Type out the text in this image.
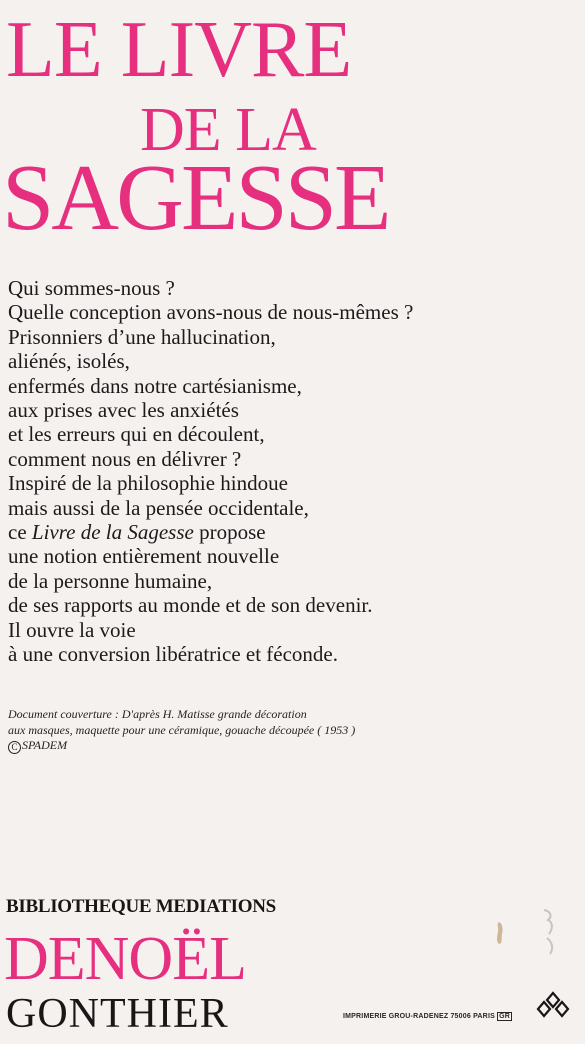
LE LIVRE
DE LA
SAGESSE
Qui sommes-nous ?
Quelle conception avons-nous de nous-mêmes ?
Prisonniers d’une hallucination,
aliénés, isolés,
enfermés dans notre cartésianisme,
aux prises avec les anxiétés
et les erreurs qui en découlent,
comment nous en délivrer ?
Inspiré de la philosophie hindoue
mais aussi de la pensée occidentale,
ce Livre de la Sagesse propose
une notion entièrement nouvelle
de la personne humaine,
de ses rapports au monde et de son devenir.
Il ouvre la voie
à une conversion libératrice et féconde.
Document couverture : D'après H. Matisse grande décoration
aux masques, maquette pour une céramique, gouache découpée ( 1953 )
C SPADEM
BIBLIOTHEQUE MEDIATIONS
DENOËL
GONTHIER	IMPRIMERIE GROU-RADENEZ 75006 PARIS GR
